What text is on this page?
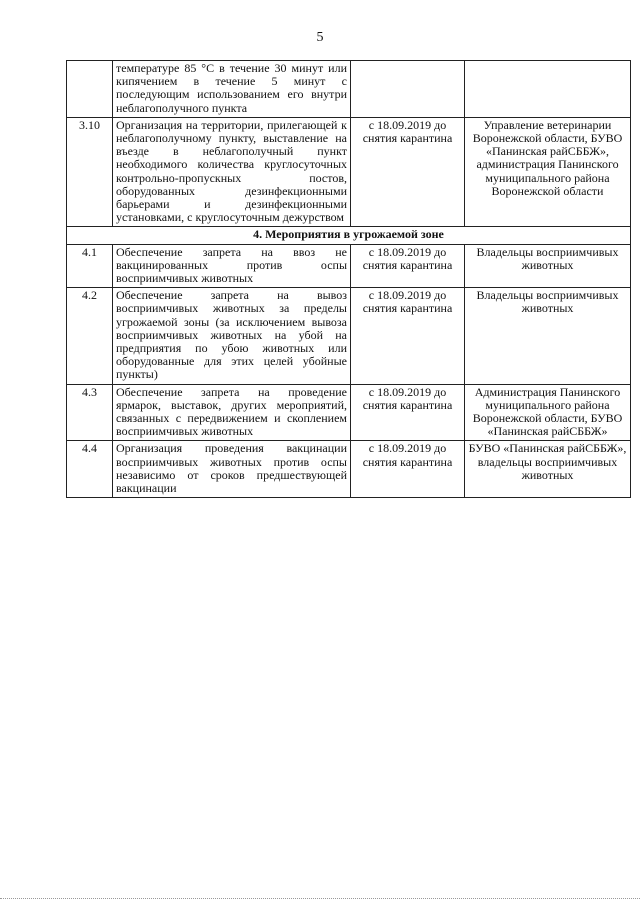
5
	температуре 85 °С в течение 30 минут или кипячением в течение 5 минут с последующим использованием его внутри неблагополучного пункта		
3.10	Организация на территории, прилегающей к неблагополучному пункту, выставление на въезде в неблагополучный пункт необходимого количества круглосуточных контрольно-пропускных постов, оборудованных дезинфекционными барьерами и дезинфекционными установками, с круглосуточным дежурством	с 18.09.2019 до снятия карантина	Управление ветеринарии Воронежской области, БУВО «Панинская райСББЖ», администрация Панинского муниципального района Воронежской области
4. Мероприятия в угрожаемой зоне			
4.1	Обеспечение запрета на ввоз не вакцинированных против оспы восприимчивых животных	с 18.09.2019 до снятия карантина	Владельцы восприимчивых животных
4.2	Обеспечение запрета на вывоз восприимчивых животных за пределы угрожаемой зоны (за исключением вывоза восприимчивых животных на убой на предприятия по убою животных или оборудованные для этих целей убойные пункты)	с 18.09.2019 до снятия карантина	Владельцы восприимчивых животных
4.3	Обеспечение запрета на проведение ярмарок, выставок, других мероприятий, связанных с передвижением и скоплением восприимчивых животных	с 18.09.2019 до снятия карантина	Администрация Панинского муниципального района Воронежской области, БУВО «Панинская райСББЖ»
4.4	Организация проведения вакцинации восприимчивых животных против оспы независимо от сроков предшествующей вакцинации	с 18.09.2019 до снятия карантина	БУВО «Панинская райСББЖ», владельцы восприимчивых животных
